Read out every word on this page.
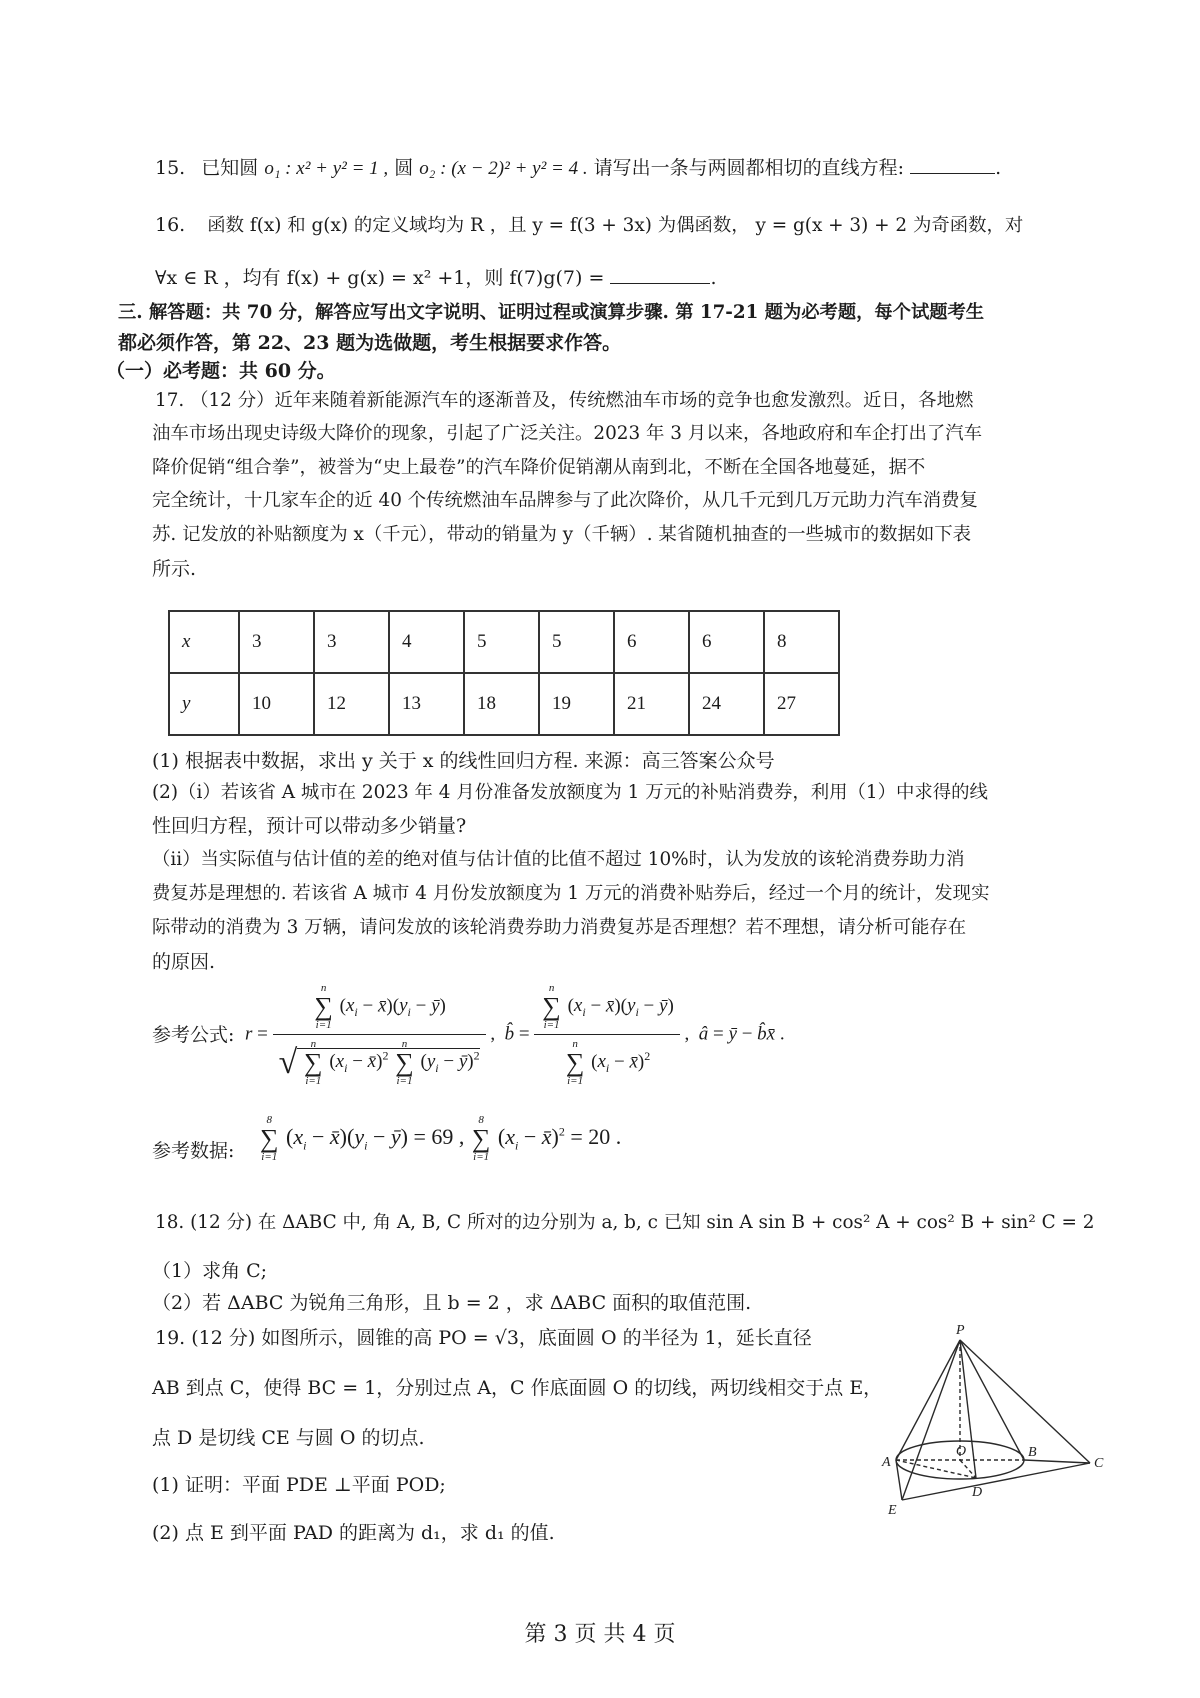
15. 已知圆 o₁ : x² + y² = 1 , 圆 o₂ : (x − 2)² + y² = 4 . 请写出一条与两圆都相切的直线方程:	.
16. 函数 f(x) 和 g(x) 的定义域均为 R ，且 y = f(3 + 3x) 为偶函数， y = g(x + 3) + 2 为奇函数，对
∀x ∈ R ，均有 f(x) + g(x) = x² +1，则 f(7)g(7) =	.
三. 解答题：共 70 分，解答应写出文字说明、证明过程或演算步骤. 第 17-21 题为必考题，每个试题考生
都必须作答，第 22、23 题为选做题，考生根据要求作答。
（一）必考题：共 60 分。
17. （12 分）近年来随着新能源汽车的逐渐普及，传统燃油车市场的竞争也愈发激烈。近日，各地燃
油车市场出现史诗级大降价的现象，引起了广泛关注。2023 年 3 月以来，各地政府和车企打出了汽车
降价促销“组合拳”，被誉为“史上最卷”的汽车降价促销潮从南到北，不断在全国各地蔓延，据不
完全统计，十几家车企的近 40 个传统燃油车品牌参与了此次降价，从几千元到几万元助力汽车消费复
苏. 记发放的补贴额度为 x（千元），带动的销量为 y（千辆）. 某省随机抽查的一些城市的数据如下表
所示.
x	3	3	4	5	5	6	6	8
y	10	12	13	18	19	21	24	27
(1) 根据表中数据，求出 y 关于 x 的线性回归方程. 来源：高三答案公众号
(2)（ⅰ）若该省 A 城市在 2023 年 4 月份准备发放额度为 1 万元的补贴消费券，利用（1）中求得的线
性回归方程，预计可以带动多少销量?
（ⅱ）当实际值与估计值的差的绝对值与估计值的比值不超过 10%时，认为发放的该轮消费券助力消
费复苏是理想的. 若该省 A 城市 4 月份发放额度为 1 万元的消费补贴券后，经过一个月的统计，发现实
际带动的消费为 3 万辆，请问发放的该轮消费券助力消费复苏是否理想？若不理想，请分析可能存在
的原因.
参考公式: r = n
∑
i=1
($x_i$ − $x̄)(y_i$ − ȳ)
√ n
∑
i=1
($x_i$ − x̄)$^2$
n
∑
i=1
($y_i$ − ȳ)$^2$ ,  b̂ = n
∑
i=1
($x_i$ − $x̄)(y_i$ − ȳ)
n
∑
i=1
($x_i$ − x̄)$^2$ ,  â = ȳ − b̂x̄ .
参考数据:
8
∑
i=1
($x_i$ − $x̄)(y_i$ − ȳ) = 69 ,
8
∑
i=1
($x_i$ − x̄)$^2$ = 20 .
18. (12 分) 在 ΔABC 中, 角 A, B, C 所对的边分别为 a, b, c 已知 sin A sin B + cos² A + cos² B + sin² C = 2
（1）求角 C;
（2）若 ΔABC 为锐角三角形，且 b = 2 ，求 ΔABC 面积的取值范围.
19. (12 分) 如图所示，圆锥的高 PO = √3，底面圆 O 的半径为 1，延长直径
AB 到点 C，使得 BC = 1，分别过点 A，C 作底面圆 O 的切线，两切线相交于点 E，
点 D 是切线 CE 与圆 O 的切点.
(1) 证明：平面 PDE ⊥平面 POD;
(2) 点 E 到平面 PAD 的距离为 d₁，求 d₁ 的值.
P
O
A
B
C
D
E
第 3 页 共 4 页
